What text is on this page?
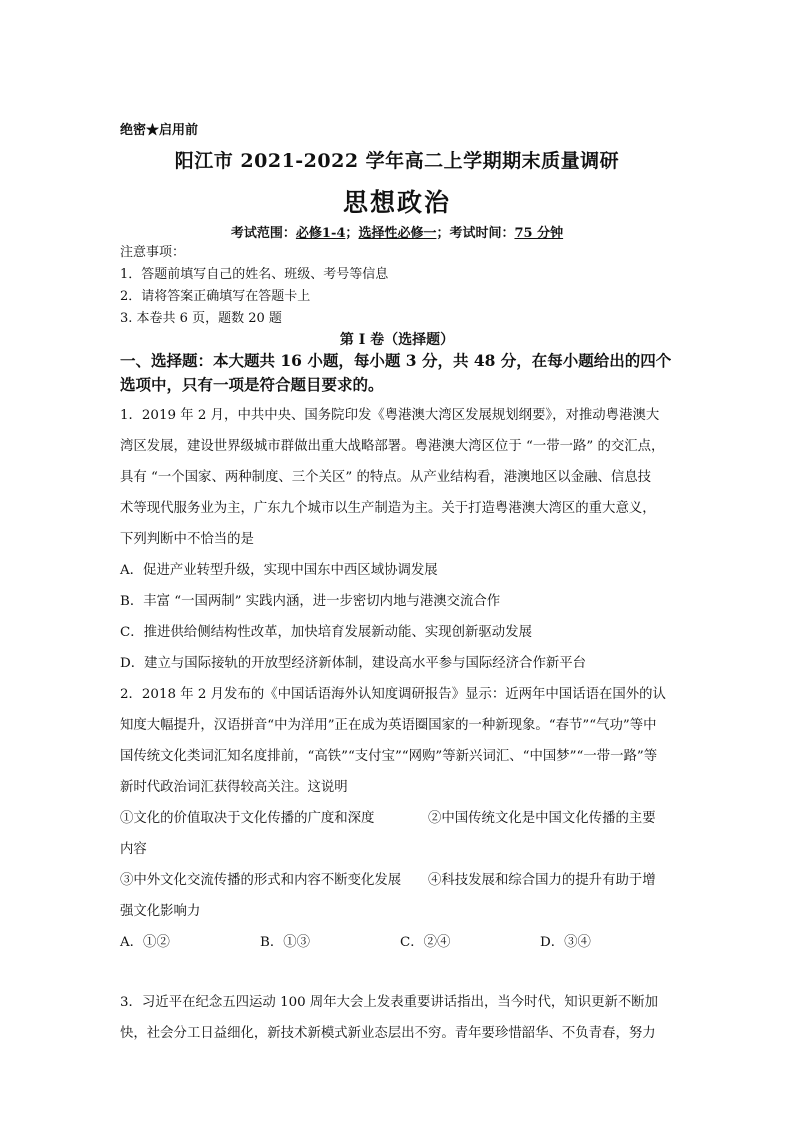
绝密★启用前
阳江市 2021-2022 学年高二上学期期末质量调研
思想政治
考试范围：必修1-4；选择性必修一；考试时间：75 分钟
注意事项：
1．答题前填写自己的姓名、班级、考号等信息
2．请将答案正确填写在答题卡上
3. 本卷共 6 页，题数 20 题
第 I 卷（选择题）
一、选择题：本大题共 16 小题，每小题 3 分，共 48 分，在每小题给出的四个
选项中，只有一项是符合题目要求的。
1．2019 年 2 月，中共中央、国务院印发《粤港澳大湾区发展规划纲要》，对推动粤港澳大
湾区发展，建设世界级城市群做出重大战略部署。粤港澳大湾区位于 “一带一路” 的交汇点，
具有 “一个国家、两种制度、三个关区” 的特点。从产业结构看，港澳地区以金融、信息技
术等现代服务业为主，广东九个城市以生产制造为主。关于打造粤港澳大湾区的重大意义，
下列判断中不恰当的是
A．促进产业转型升级，实现中国东中西区域协调发展
B．丰富 “一国两制” 实践内涵，进一步密切内地与港澳交流合作
C．推进供给侧结构性改革，加快培育发展新动能、实现创新驱动发展
D．建立与国际接轨的开放型经济新体制，建设高水平参与国际经济合作新平台
2．2018 年 2 月发布的《中国话语海外认知度调研报告》显示：近两年中国话语在国外的认
知度大幅提升，汉语拼音“中为洋用”正在成为英语圈国家的一种新现象。“春节”“气功”等中
国传统文化类词汇知名度排前，“高铁”“支付宝”“网购”等新兴词汇、“中国梦”“一带一路”等
新时代政治词汇获得较高关注。这说明
①文化的价值取决于文化传播的广度和深度	②中国传统文化是中国文化传播的主要
内容
③中外文化交流传播的形式和内容不断变化发展	④科技发展和综合国力的提升有助于增
强文化影响力
A．①②	B．①③	C．②④	D．③④
3．习近平在纪念五四运动 100 周年大会上发表重要讲话指出，当今时代，知识更新不断加
快，社会分工日益细化，新技术新模式新业态层出不穷。青年要珍惜韶华、不负青春，努力
